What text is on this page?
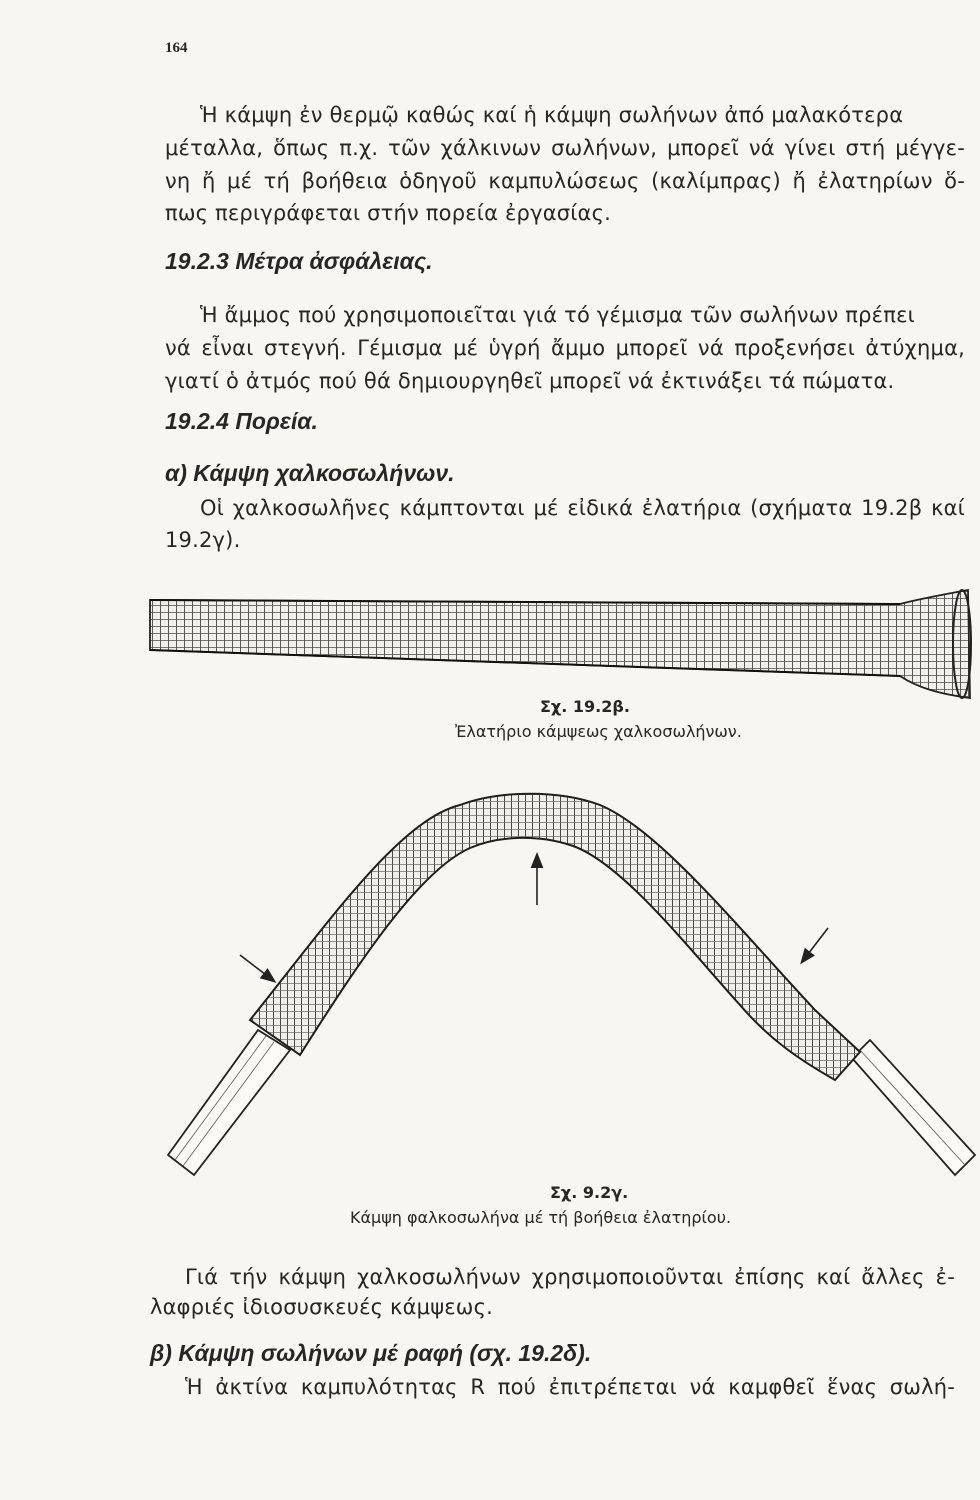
164
Ἡ κάμψη ἐν θερμῷ καθώς καί ἡ κάμψη σωλήνων ἀπό μαλακότερα
μέταλλα, ὅπως π.χ. τῶν χάλκινων σωλήνων, μπορεῖ νά γίνει στή μέγγε-
νη ἤ μέ τή βοήθεια ὁδηγοῦ καμπυλώσεως (καλίμπρας) ἤ ἐλατηρίων ὅ-
πως περιγράφεται στήν πορεία ἐργασίας.
19.2.3 Μέτρα ἀσφάλειας.
Ἡ ἄμμος πού χρησιμοποιεῖται γιά τό γέμισμα τῶν σωλήνων πρέπει
νά εἶναι στεγνή. Γέμισμα μέ ὑγρή ἄμμο μπορεῖ νά προξενήσει ἀτύχημα,
γιατί ὁ ἀτμός πού θά δημιουργηθεῖ μπορεῖ νά ἐκτινάξει τά πώματα.
19.2.4 Πορεία.
α) Κάμψη χαλκοσωλήνων.
Οἱ χαλκοσωλῆνες κάμπτονται μέ εἰδικά ἐλατήρια (σχήματα 19.2β καί
19.2γ).
Σχ. 19.2β.
Ἐλατήριο κάμψεως χαλκοσωλήνων.
Σχ. 9.2γ.
Κάμψη φαλκοσωλήνα μέ τή βοήθεια ἐλατηρίου.
Γιά τήν κάμψη χαλκοσωλήνων χρησιμοποιοῦνται ἐπίσης καί ἄλλες ἐ-
λαφριές ἰδιοσυσκευές κάμψεως.
β) Κάμψη σωλήνων μέ ραφή (σχ. 19.2δ).
Ἡ ἀκτίνα καμπυλότητας R πού ἐπιτρέπεται νά καμφθεῖ ἕνας σωλή-
